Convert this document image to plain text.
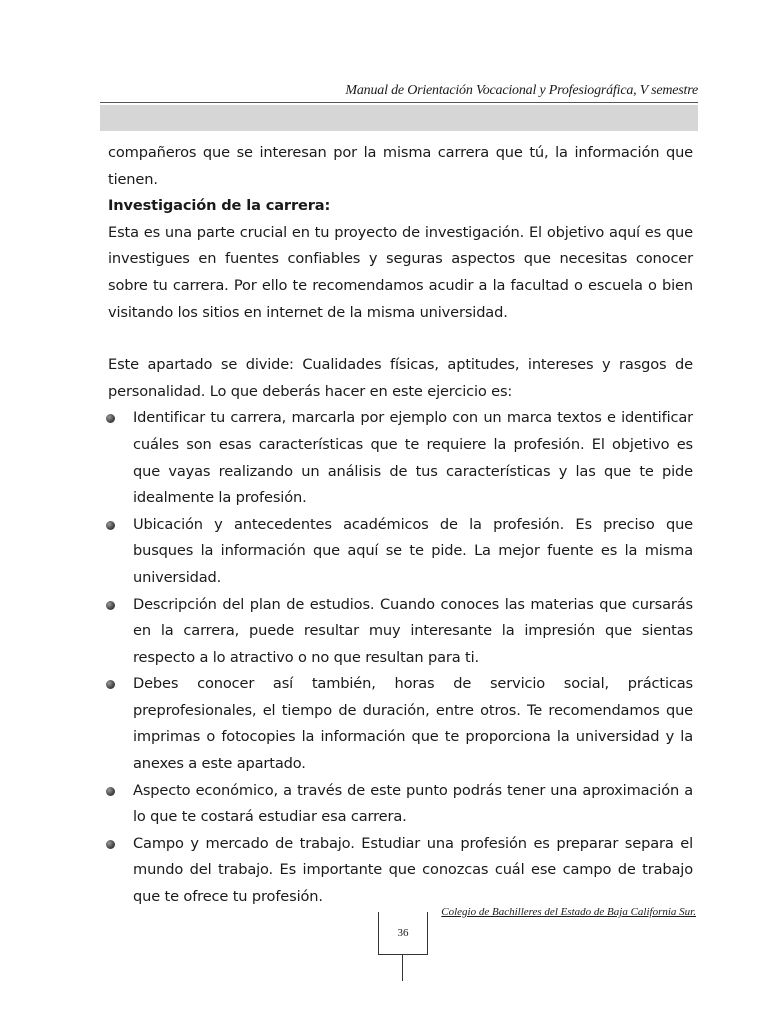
Manual de Orientación Vocacional y Profesiográfica, V semestre

compañeros que se interesan por la misma carrera que tú, la información que tienen.

Investigación de la carrera:

Esta es una parte crucial en tu proyecto de investigación. El objetivo aquí es que investigues en fuentes confiables y seguras aspectos que necesitas conocer sobre tu carrera. Por ello te recomendamos acudir a la facultad o escuela o bien visitando los sitios en internet de la misma universidad.

Este apartado se divide: Cualidades físicas, aptitudes, intereses y rasgos de personalidad. Lo que deberás hacer en este ejercicio es:

Identificar tu carrera, marcarla por ejemplo con un marca textos e identificar cuáles son esas características que te requiere la profesión. El objetivo es que vayas realizando un análisis de tus características y las que te pide idealmente la profesión.
Ubicación y antecedentes académicos de la profesión. Es preciso que busques la información que aquí se te pide. La mejor fuente es la misma universidad.
Descripción del plan de estudios. Cuando conoces las materias que cursarás en la carrera, puede resultar muy interesante la impresión que sientas respecto a lo atractivo o no que resultan para ti.
Debes conocer así también, horas de servicio social, prácticas preprofesionales, el tiempo de duración, entre otros. Te recomendamos que imprimas o fotocopies la información que te proporciona la universidad y la anexes a este apartado.
Aspecto económico, a través de este punto podrás tener una aproximación a lo que te costará estudiar esa carrera.
Campo y mercado de trabajo. Estudiar una profesión es preparar separa el mundo del trabajo. Es importante que conozcas cuál ese campo de trabajo que te ofrece tu profesión.
Colegio de Bachilleres del Estado de Baja California Sur.
36
